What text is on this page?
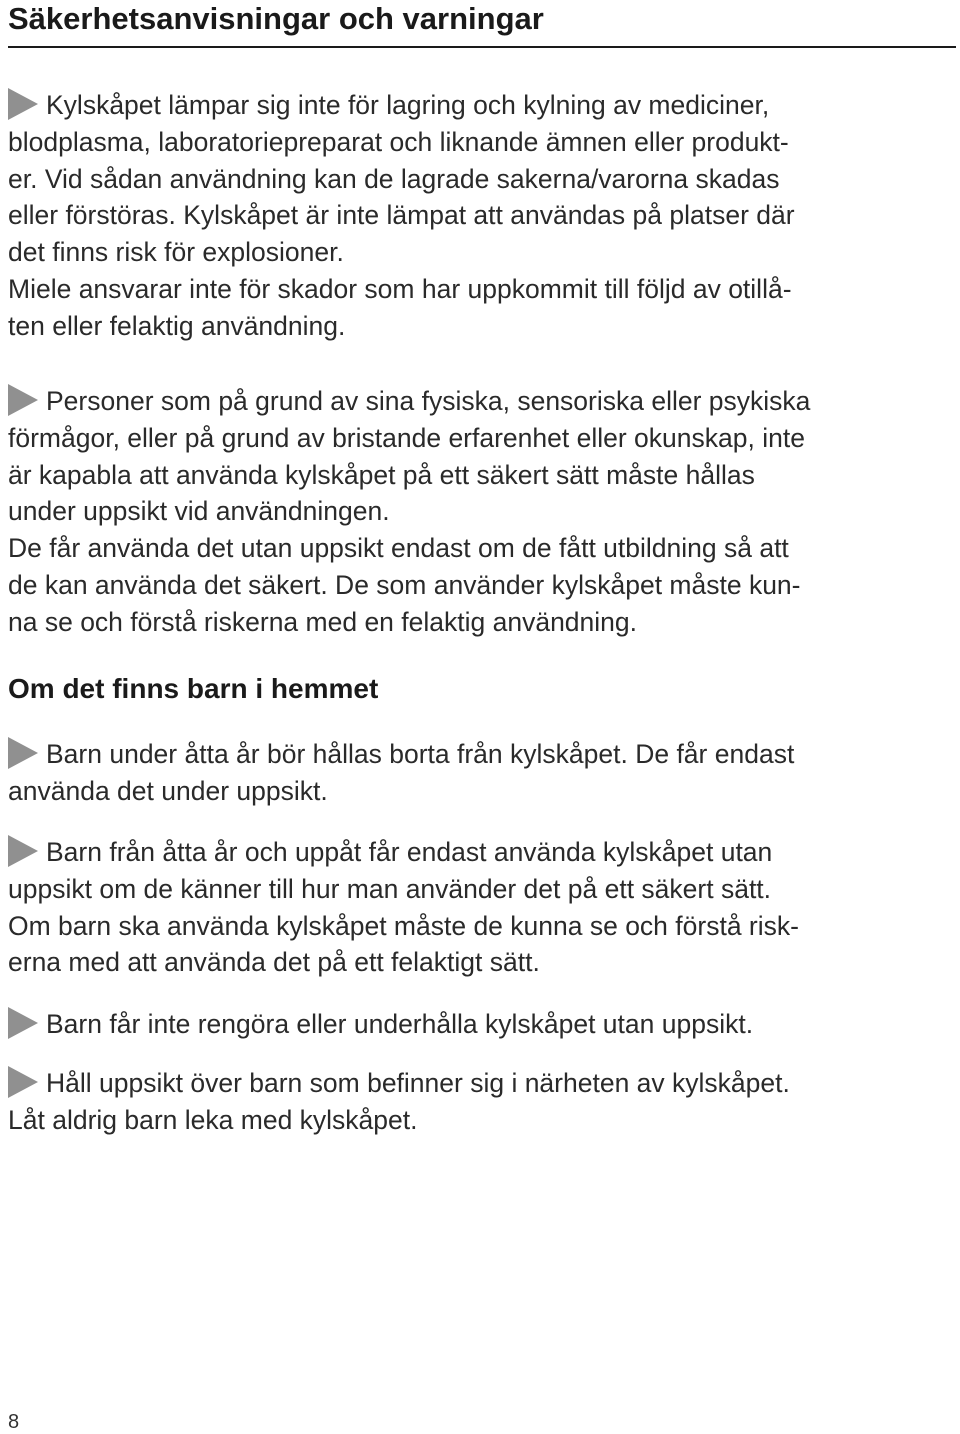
Säkerhetsanvisningar och varningar
Kylskåpet lämpar sig inte för lagring och kylning av mediciner,
blodplasma, laboratoriepreparat och liknande ämnen eller produkt-
er. Vid sådan användning kan de lagrade sakerna/varorna skadas
eller förstöras. Kylskåpet är inte lämpat att användas på platser där
det finns risk för explosioner.
Miele ansvarar inte för skador som har uppkommit till följd av otillå-
ten eller felaktig användning.
Personer som på grund av sina fysiska, sensoriska eller psykiska
förmågor, eller på grund av bristande erfarenhet eller okunskap, inte
är kapabla att använda kylskåpet på ett säkert sätt måste hållas
under uppsikt vid användningen.
De får använda det utan uppsikt endast om de fått utbildning så att
de kan använda det säkert. De som använder kylskåpet måste kun-
na se och förstå riskerna med en felaktig användning.
Om det finns barn i hemmet
Barn under åtta år bör hållas borta från kylskåpet. De får endast
använda det under uppsikt.
Barn från åtta år och uppåt får endast använda kylskåpet utan
uppsikt om de känner till hur man använder det på ett säkert sätt.
Om barn ska använda kylskåpet måste de kunna se och förstå risk-
erna med att använda det på ett felaktigt sätt.
Barn får inte rengöra eller underhålla kylskåpet utan uppsikt.
Håll uppsikt över barn som befinner sig i närheten av kylskåpet.
Låt aldrig barn leka med kylskåpet.
8
